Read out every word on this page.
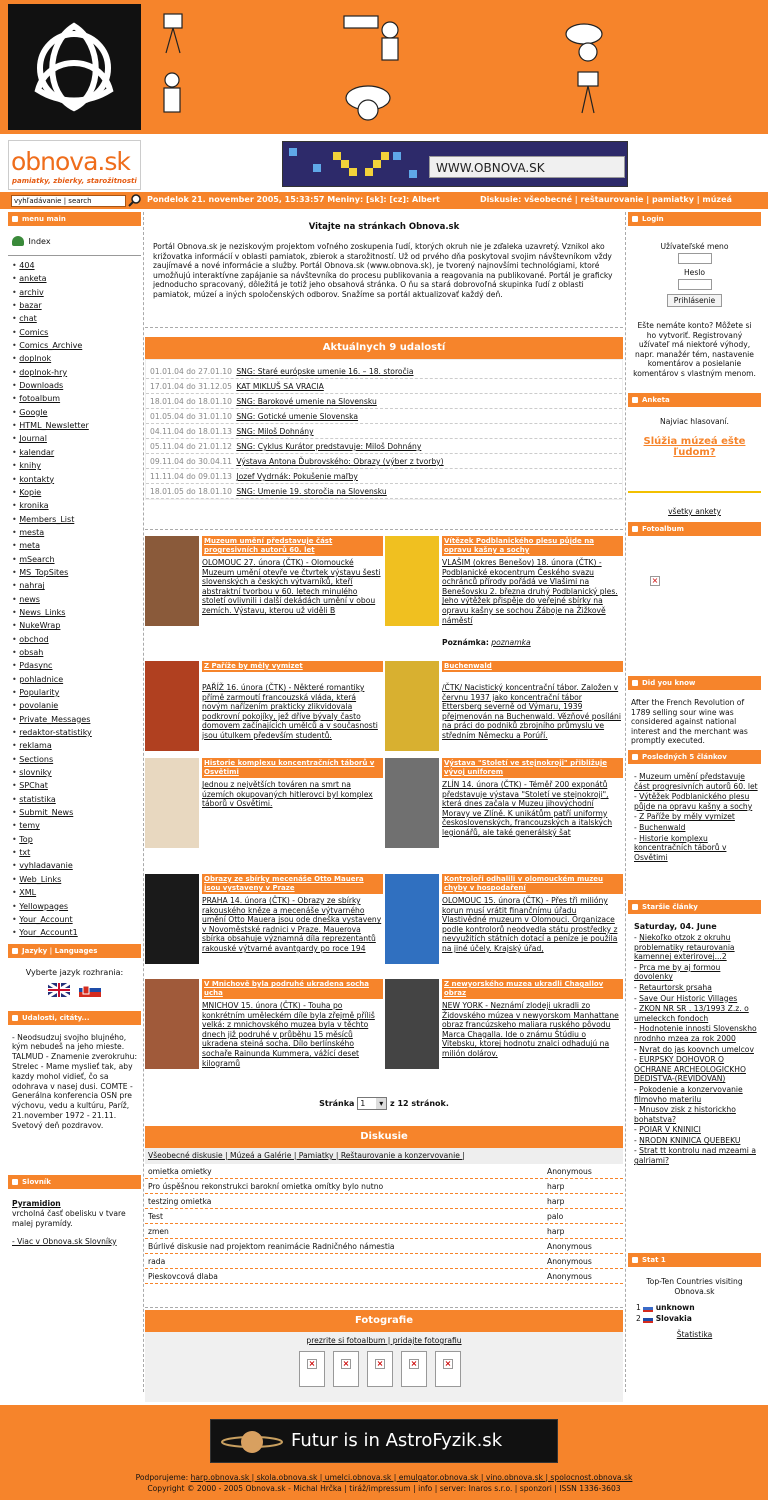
obnova.sk
pamiatky, zbierky, starožitnosti
WWW.OBNOVA.SK
vyhľadávanie | search	Pondelok 21. november 2005, 15:33:57 Meniny: [sk]: [cz]: Albert	Diskusie: všeobecné | reštaurovanie | pamiatky | múzeá
menu main
Index
• 404
• anketa
• archiv
• bazar
• chat
• Comics
• Comics_Archive
• doplnok
• doplnok-hry
• Downloads
• fotoalbum
• Google
• HTML_Newsletter
• Journal
• kalendar
• knihy
• kontakty
• Kopie
• kronika
• Members_List
• mesta
• meta
• mSearch
• MS_TopSites
• nahraj
• news
• News_Links
• NukeWrap
• obchod
• obsah
• Pdasync
• pohladnice
• Popularity
• povolanie
• Private_Messages
• redaktor-statistiky
• reklama
• Sections
• slovniky
• SPChat
• statistika
• Submit_News
• temy
• Top
• txt
• vyhladavanie
• Web_Links
• XML
• Yellowpages
• Your_Account
• Your_Account1
Jazyky | Languages
Vyberte jazyk rozhrania:

Udalosti, citáty...
- Neodsudzuj svojho blujného, kým nebudeš na jeho mieste. TALMUD - Znamenie zverokruhu: Strelec - Mame myslieť tak, aby kazdy mohol vidieť, čo sa odohrava v nasej dusi. COMTE - Generálna konferencia OSN pre výchovu, vedu a kultúru, Paríž, 21.november 1972 - 21.11. Svetový deň pozdravov.
Slovník
Pyramidion
vrcholná časť obelisku v tvare malej pyramídy.
- Viac v Obnova.sk Slovníky
Vitajte na stránkach Obnova.sk
Portál Obnova.sk je neziskovým projektom voľného zoskupenia ľudí, ktorých okruh nie je zďaleka uzavretý. Vznikol ako križovatka informácií v oblasti pamiatok, zbierok a starožitností. Už od prvého dňa poskytoval svojim návštevníkom vždy zaujímavé a nové informácie a služby. Portál Obnova.sk (www.obnova.sk), je tvorený najnovšími technológiami, ktoré umožňujú interaktívne zapájanie sa návštevníka do procesu publikovania a reagovania na publikované. Portál je graficky jednoducho spracovaný, dôležitá je totiž jeho obsahová stránka. O ňu sa stará dobrovoľná skupinka ľudí z oblasti pamiatok, múzeí a iných spoločenských odborov. Snažíme sa portál aktualizovať každý deň.
Aktuálnych 9 udalostí
01.01.04 do 27.01.10 SNG: Staré európske umenie 16. – 18. storočia
17.01.04 do 31.12.05 KAT MIKLUŠ SA VRACIA
18.01.04 do 18.01.10 SNG: Barokové umenie na Slovensku
01.05.04 do 31.01.10 SNG: Gotické umenie Slovenska
04.11.04 do 18.01.13 SNG: Miloš Dohnány
05.11.04 do 21.01.12 SNG: Cyklus Kurátor predstavuje: Miloš Dohnány
09.11.04 do 30.04.11 Výstava Antona Ďubrovského: Obrazy (výber z tvorby)
11.11.04 do 09.01.13 Jozef Vydrnák: Pokušenie maľby
18.01.05 do 18.01.10 SNG: Umenie 19. storočia na Slovensku
Muzeum umění představuje část progresivních autorů 60. let
OLOMOUC 27. února (ČTK) - Olomoucké Muzeum umění otevře ve čtvrtek výstavu šesti slovenských a českých výtvarníků, kteří abstraktní tvorbou v 60. letech minulého století ovlivnili i další dekádách umění v obou zemích. Výstavu, kterou už viděli B
Vítězek Podblanického plesu půjde na opravu kašny a sochy
VLAŠIM (okres Benešov) 18. února (ČTK) - Podblanické ekocentrum Českého svazu ochránců přírody pořádá ve Vlašimi na Benešovsku 2. března druhý Podblanický ples. Jeho výtěžek přispěje do veřejné sbírky na opravu kašny se sochou Žáboje na Žižkově náměstí
Z Paříže by měly vymizet
PAŘÍŽ 16. února (ČTK) - Některé romantiky přímě zarmoutí francouzská vláda, která novým nařízením prakticky zlikvidovala podkrovní pokojíky, jež dříve bývaly často domovem začínajících umělců a v současnosti jsou útulkem především studentů.
Buchenwald
/ČTK/ Nacistický koncentrační tábor. Založen v červnu 1937 jako koncentrační tábor Ettersberg severně od Výmaru, 1939 přejmenován na Buchenwald. Vězňové posíláni na práci do podniků zbrojního průmyslu ve středním Německu a Porúří.
Historie komplexu koncentračních táborů v Osvětimi
Jednou z největších továren na smrt na územích okupovaných hitlerovci byl komplex táborů v Osvětimi.
Výstava "Století ve stejnokroji" přibližuje vývoj uniforem
ZLÍN 14. února (ČTK) - Téměř 200 exponátů představuje výstava "Století ve stejnokroji", která dnes začala v Muzeu jihovýchodní Moravy ve Zlíně. K unikátům patří uniformy československých, francouzských a italských legionářů, ale také generálský šat
Obrazy ze sbírky mecenáše Otto Mauera jsou vystaveny v Praze
PRAHA 14. února (ČTK) - Obrazy ze sbírky rakouského kněze a mecenáše výtvarného umění Otto Mauera jsou ode dneška vystaveny v Novoměstské radnici v Praze. Mauerova sbírka obsahuje významná díla reprezentantů rakouské výtvarné avantgardy po roce 194
Kontroloři odhalili v olomouckém muzeu chyby v hospodaření
OLOMOUC 15. února (ČTK) - Přes tři milióny korun musí vrátit finančnímu úřadu Vlastivědné muzeum v Olomouci. Organizace podle kontrolorů neodvedla státu prostředky z nevyužitích státních dotací a peníze je použila na jiné účely. Krajský úřad,
V Mnichově byla podruhé ukradena socha ucha
MNICHOV 15. února (ČTK) - Touha po konkrétním uměleckém díle byla zřejmě příliš velká: z mnichovského muzea byla v těchto dnech již podruhé v průběhu 15 měsíců ukradena steiná socha. Dílo berlínského sochaře Rainunda Kummera, vážící deset kilogramů
Z newyorského muzea ukradli Chagallov obraz
NEW YORK - Neznámí zlodeji ukradli zo Židovského múzea v newyorskom Manhattane obraz francúzskeho maliara ruského pôvodu Marca Chagalla. Ide o známu Štúdiu o Vitebsku, ktorej hodnotu znalci odhadujú na milión dolárov.
Poznámka: poznamka
Stránka 1	▾ z 12 stránok.
Diskusie
Všeobecné diskusie | Múzeá a Galérie | Pamiatky | Reštaurovanie a konzervovanie |
omietka omietky	Anonymous
Pro úspěšnou rekonstrukci barokní omietka omítky bylo nutno	harp
testzing omietka	harp
Test	palo
zmen	harp
Búrlivé diskusie nad projektom reanimácie Radničného námestia	Anonymous
rada	Anonymous
Pieskovcová dlaba	Anonymous
Fotografie
prezrite si fotoalbum | pridajte fotografiu
×	×	×	×	×
Login
Užívateľské meno
Heslo
Prihlásenie
Ešte nemáte konto? Môžete si ho vytvoriť. Registrovaný užívateľ má niektoré výhody, napr. manažér tém, nastavenie komentárov a posielanie komentárov s vlastným menom.
Anketa
Najviac hlasovaní.
Slúžia múzeá ešte ľudom?
všetky ankety
Fotoalbum
×
Did you know
After the French Revolution of 1789 selling sour wine was considered against national interest and the merchant was promptly executed.
Posledných 5 článkov
- Muzeum umění představuje část progresivních autorů 60. let
- Výtěžek Podblanického plesu půjde na opravu kašny a sochy
- Z Paříže by měly vymizet
- Buchenwald
- Historie komplexu koncentračních táborů v Osvětimi
Staršie články
Saturday, 04. June
- Niekoľko otzok z okruhu problematiky retaurovania kamennej exterirovej...2
- Prca me by aj formou dovolenky
- Retaurtorsk prsaha
- Save Our Historic Villages
- ZKON NR SR . 13/1993 Z.z. o umeleckch fondoch
- Hodnotenie innosti Slovenskho nrodnho mzea za rok 2000
- Nvrat do jas koovnch umelcov
- EURPSKY DOHOVOR O OCHRANE ARCHEOLOGICKHO DEDISTVA-(REVIDOVAN)
- Pokodenie a konzervovanie filmovho materilu
- Mnusov zisk z historickho bohatstva?
- POIAR V KNINICI
- NRODN KNINICA QUEBEKU
- Strat tt kontrolu nad mzeami a galriami?
Stat 1
Top-Ten Countries visiting Obnova.sk
1 unknown
2 Slovakia
Štatistika
Futur is in AstroFyzik.sk
Podporujeme: harp.obnova.sk | skola.obnova.sk | umelci.obnova.sk | emulgator.obnova.sk | vino.obnova.sk | spolocnost.obnova.sk
Copyright © 2000 - 2005 Obnova.sk - Michal Hrčka | tiráž/impressum | info | server: Inaros s.r.o. | sponzori | ISSN 1336-3603
